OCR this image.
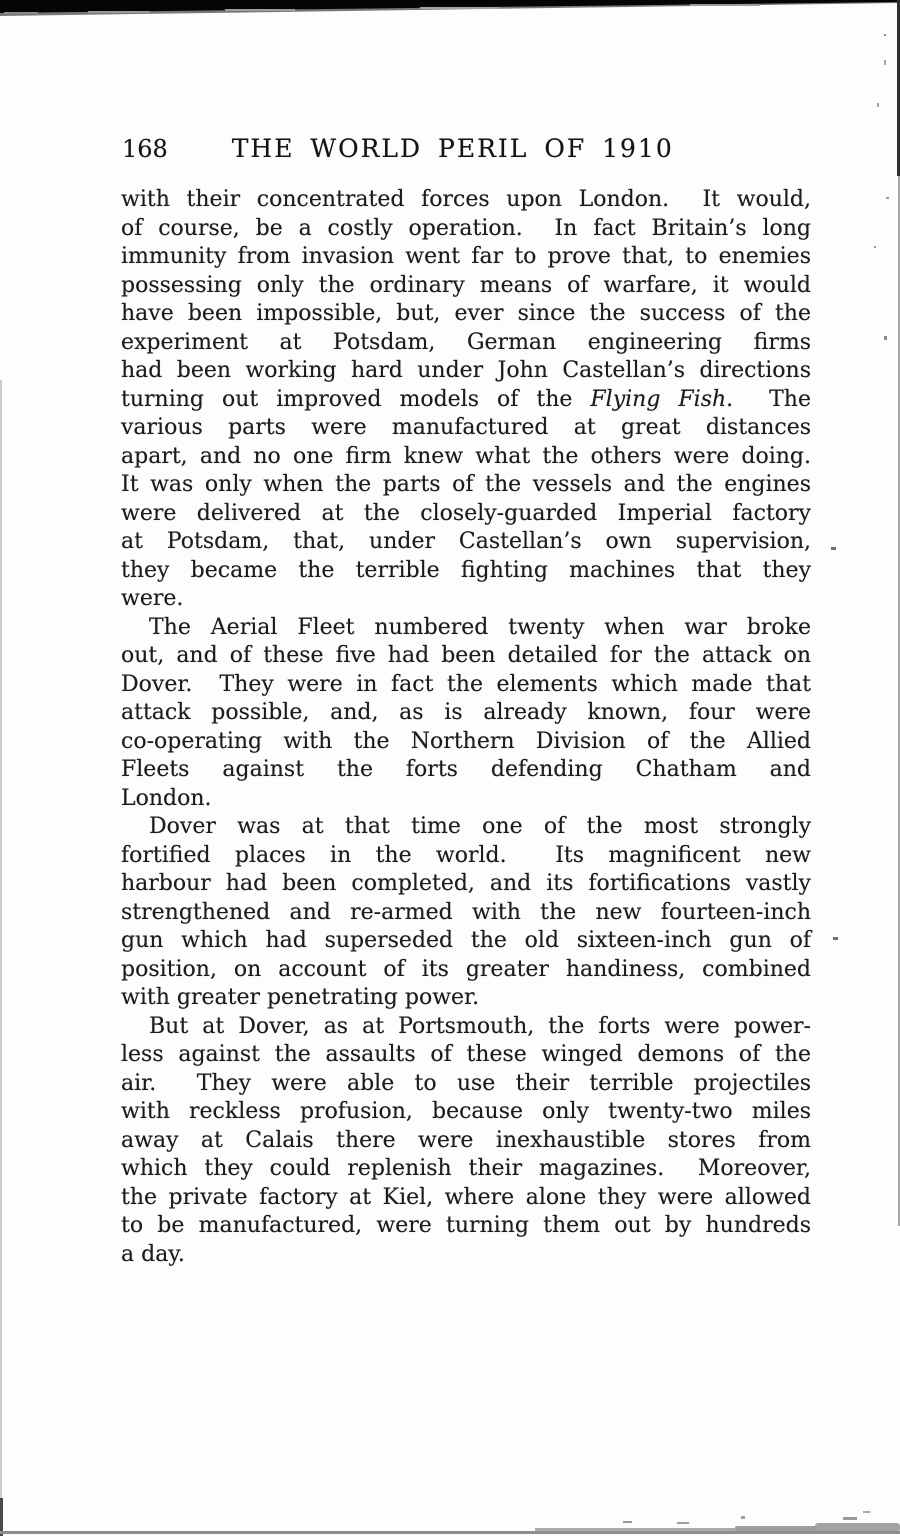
168	THE WORLD PERIL OF 1910
with their concentrated forces upon London.  It would,
of course, be a costly operation.  In fact Britain’s long
immunity from invasion went far to prove that, to enemies
possessing only the ordinary means of warfare, it would
have been impossible, but, ever since the success of the
experiment at Potsdam, German engineering firms
had been working hard under John Castellan’s directions
turning out improved models of the Flying Fish.  The
various parts were manufactured at great distances
apart, and no one firm knew what the others were doing.
It was only when the parts of the vessels and the engines
were delivered at the closely-guarded Imperial factory
at Potsdam, that, under Castellan’s own supervision,
they became the terrible fighting machines that they
were.
The Aerial Fleet numbered twenty when war broke
out, and of these five had been detailed for the attack on
Dover.  They were in fact the elements which made that
attack possible, and, as is already known, four were
co-operating with the Northern Division of the Allied
Fleets against the forts defending Chatham and
London.
Dover was at that time one of the most strongly
fortified places in the world.  Its magnificent new
harbour had been completed, and its fortifications vastly
strengthened and re-armed with the new fourteen-inch
gun which had superseded the old sixteen-inch gun of
position, on account of its greater handiness, combined
with greater penetrating power.
But at Dover, as at Portsmouth, the forts were power-
less against the assaults of these winged demons of the
air.  They were able to use their terrible projectiles
with reckless profusion, because only twenty-two miles
away at Calais there were inexhaustible stores from
which they could replenish their magazines.  Moreover,
the private factory at Kiel, where alone they were allowed
to be manufactured, were turning them out by hundreds
a day.
